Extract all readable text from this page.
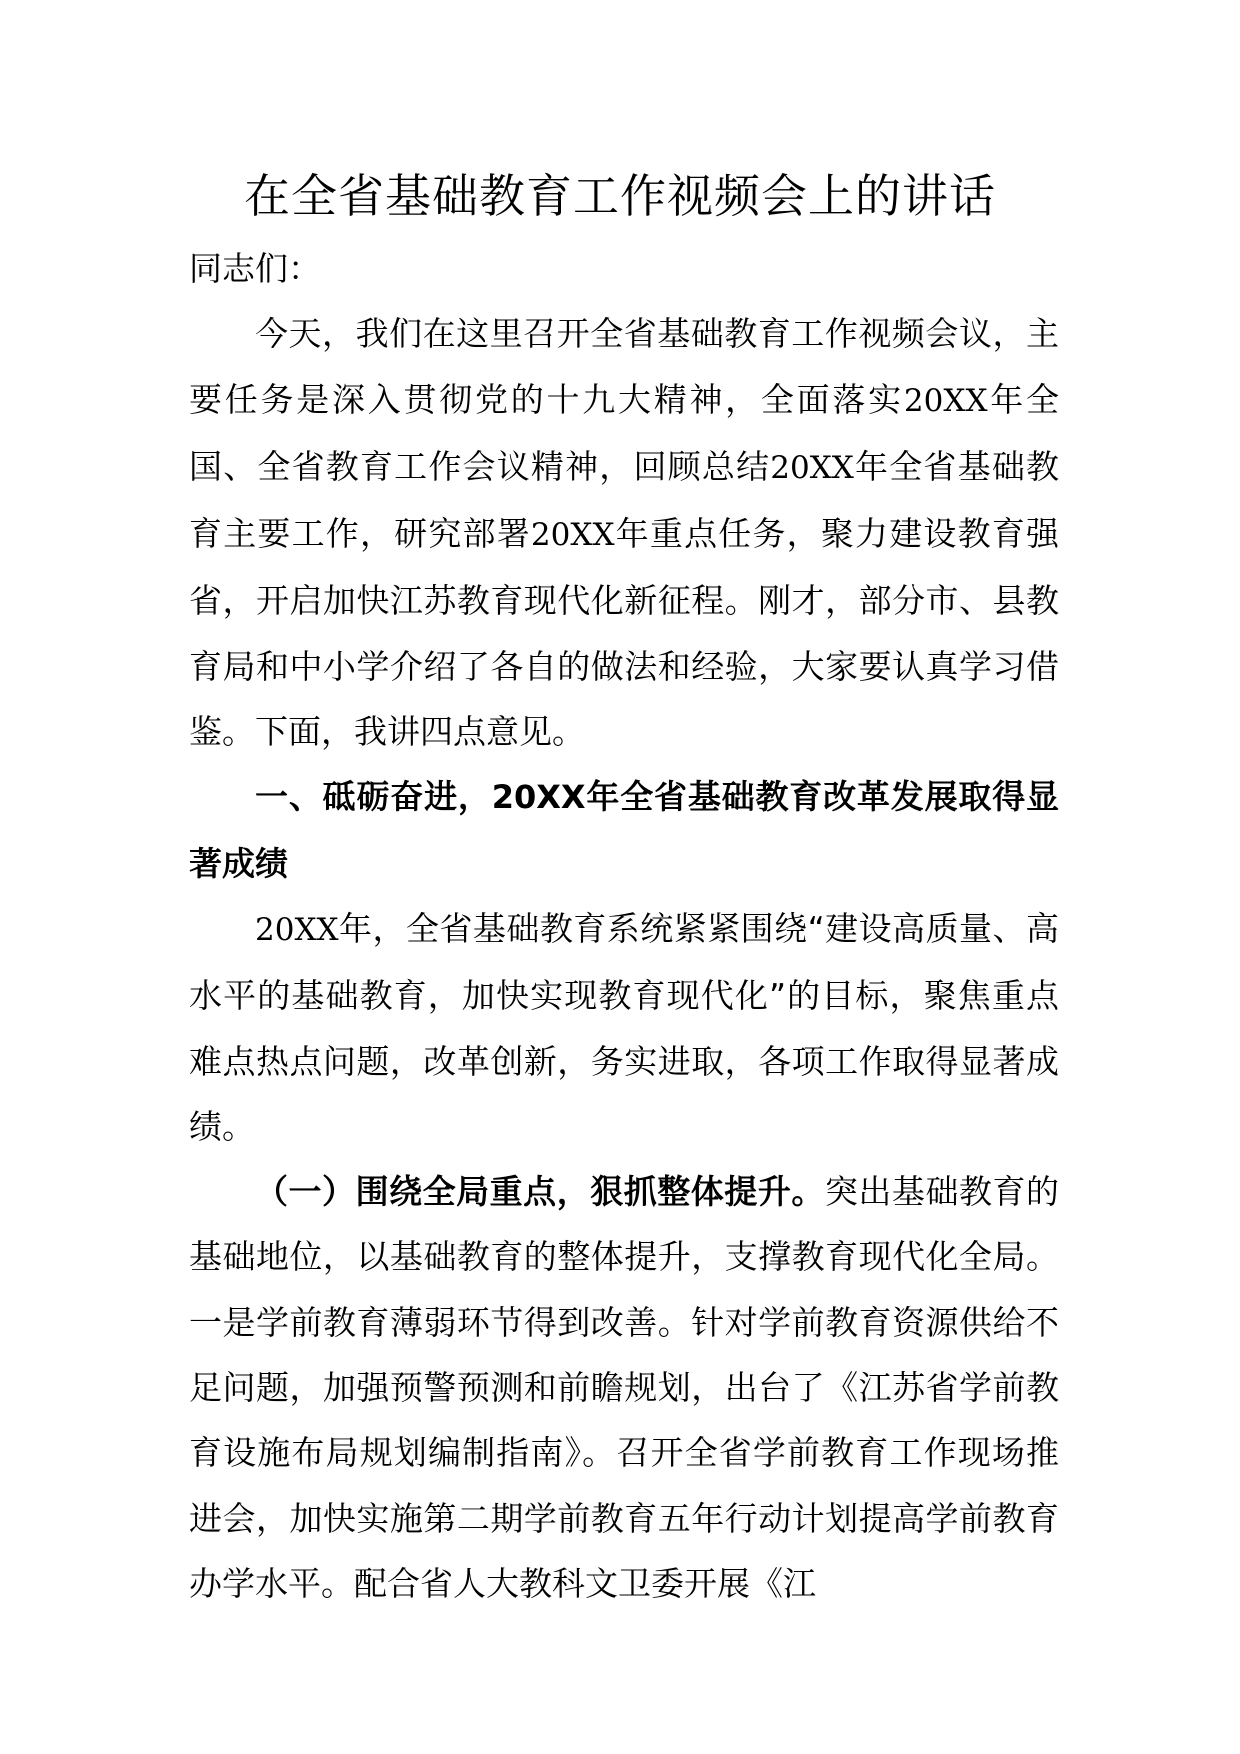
在全省基础教育工作视频会上的讲话

同志们：

今天，我们在这里召开全省基础教育工作视频会议，主要任务是深入贯彻党的十九大精神，全面落实20XX年全国、全省教育工作会议精神，回顾总结20XX年全省基础教育主要工作，研究部署20XX年重点任务，聚力建设教育强省，开启加快江苏教育现代化新征程。刚才，部分市、县教育局和中小学介绍了各自的做法和经验，大家要认真学习借鉴。下面，我讲四点意见。

一、砥砺奋进，20XX年全省基础教育改革发展取得显著成绩

20XX年，全省基础教育系统紧紧围绕“建设高质量、高水平的基础教育，加快实现教育现代化”的目标，聚焦重点难点热点问题，改革创新，务实进取，各项工作取得显著成绩。

（一）围绕全局重点，狠抓整体提升。突出基础教育的基础地位，以基础教育的整体提升，支撑教育现代化全局。一是学前教育薄弱环节得到改善。针对学前教育资源供给不足问题，加强预警预测和前瞻规划，出台了《江苏省学前教育设施布局规划编制指南》。召开全省学前教育工作现场推进会，加快实施第二期学前教育五年行动计划提高学前教育办学水平。配合省人大教科文卫委开展《江
